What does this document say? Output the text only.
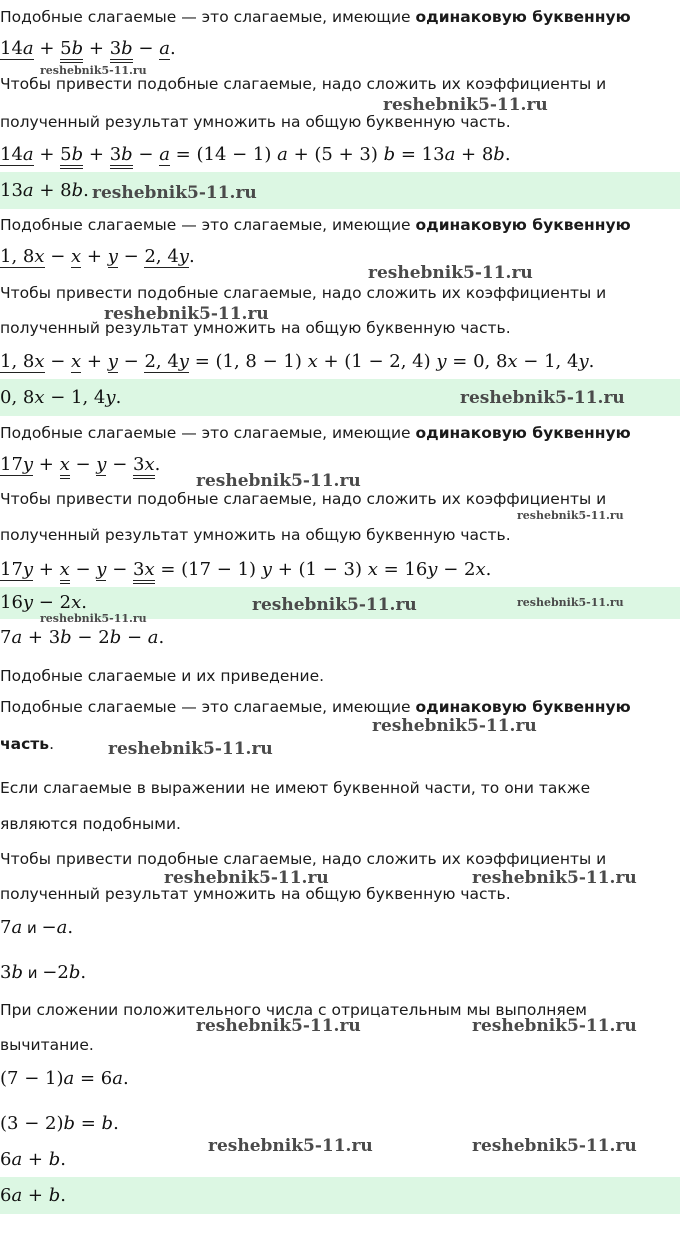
Подобные слагаемые — это слагаемые, имеющие одинаковую буквенную
14a + 5b + 3b − a.
Чтобы привести подобные слагаемые, надо сложить их коэффициенты и
полученный результат умножить на общую буквенную часть.
14a + 5b + 3b − a = (14 − 1) a + (5 + 3) b = 13a + 8b.
13a + 8b.
Подобные слагаемые — это слагаемые, имеющие одинаковую буквенную
1, 8x − x + y − 2, 4y.
Чтобы привести подобные слагаемые, надо сложить их коэффициенты и
полученный результат умножить на общую буквенную часть.
1, 8x − x + y − 2, 4y = (1, 8 − 1) x + (1 − 2, 4) y = 0, 8x − 1, 4y.
0, 8x − 1, 4y.
Подобные слагаемые — это слагаемые, имеющие одинаковую буквенную
17y + x − y − 3x.
Чтобы привести подобные слагаемые, надо сложить их коэффициенты и
полученный результат умножить на общую буквенную часть.
17y + x − y − 3x = (17 − 1) y + (1 − 3) x = 16y − 2x.
16y − 2x.
7a + 3b − 2b − a.
Подобные слагаемые и их приведение.
Подобные слагаемые — это слагаемые, имеющие одинаковую буквенную
часть.
Если слагаемые в выражении не имеют буквенной части, то они также
являются подобными.
Чтобы привести подобные слагаемые, надо сложить их коэффициенты и
полученный результат умножить на общую буквенную часть.
7a и −a.
3b и −2b.
При сложении положительного числа с отрицательным мы выполняем
вычитание.
(7 − 1)a = 6a.
(3 − 2)b = b.
6a + b.
6a + b.
reshebnik5-11.ru
reshebnik5-11.ru
reshebnik5-11.ru
reshebnik5-11.ru
reshebnik5-11.ru
reshebnik5-11.ru
reshebnik5-11.ru
reshebnik5-11.ru
reshebnik5-11.ru	reshebnik5-11.ru
reshebnik5-11.ru
reshebnik5-11.ru
reshebnik5-11.ru
reshebnik5-11.ru	reshebnik5-11.ru
reshebnik5-11.ru	reshebnik5-11.ru
reshebnik5-11.ru	reshebnik5-11.ru
